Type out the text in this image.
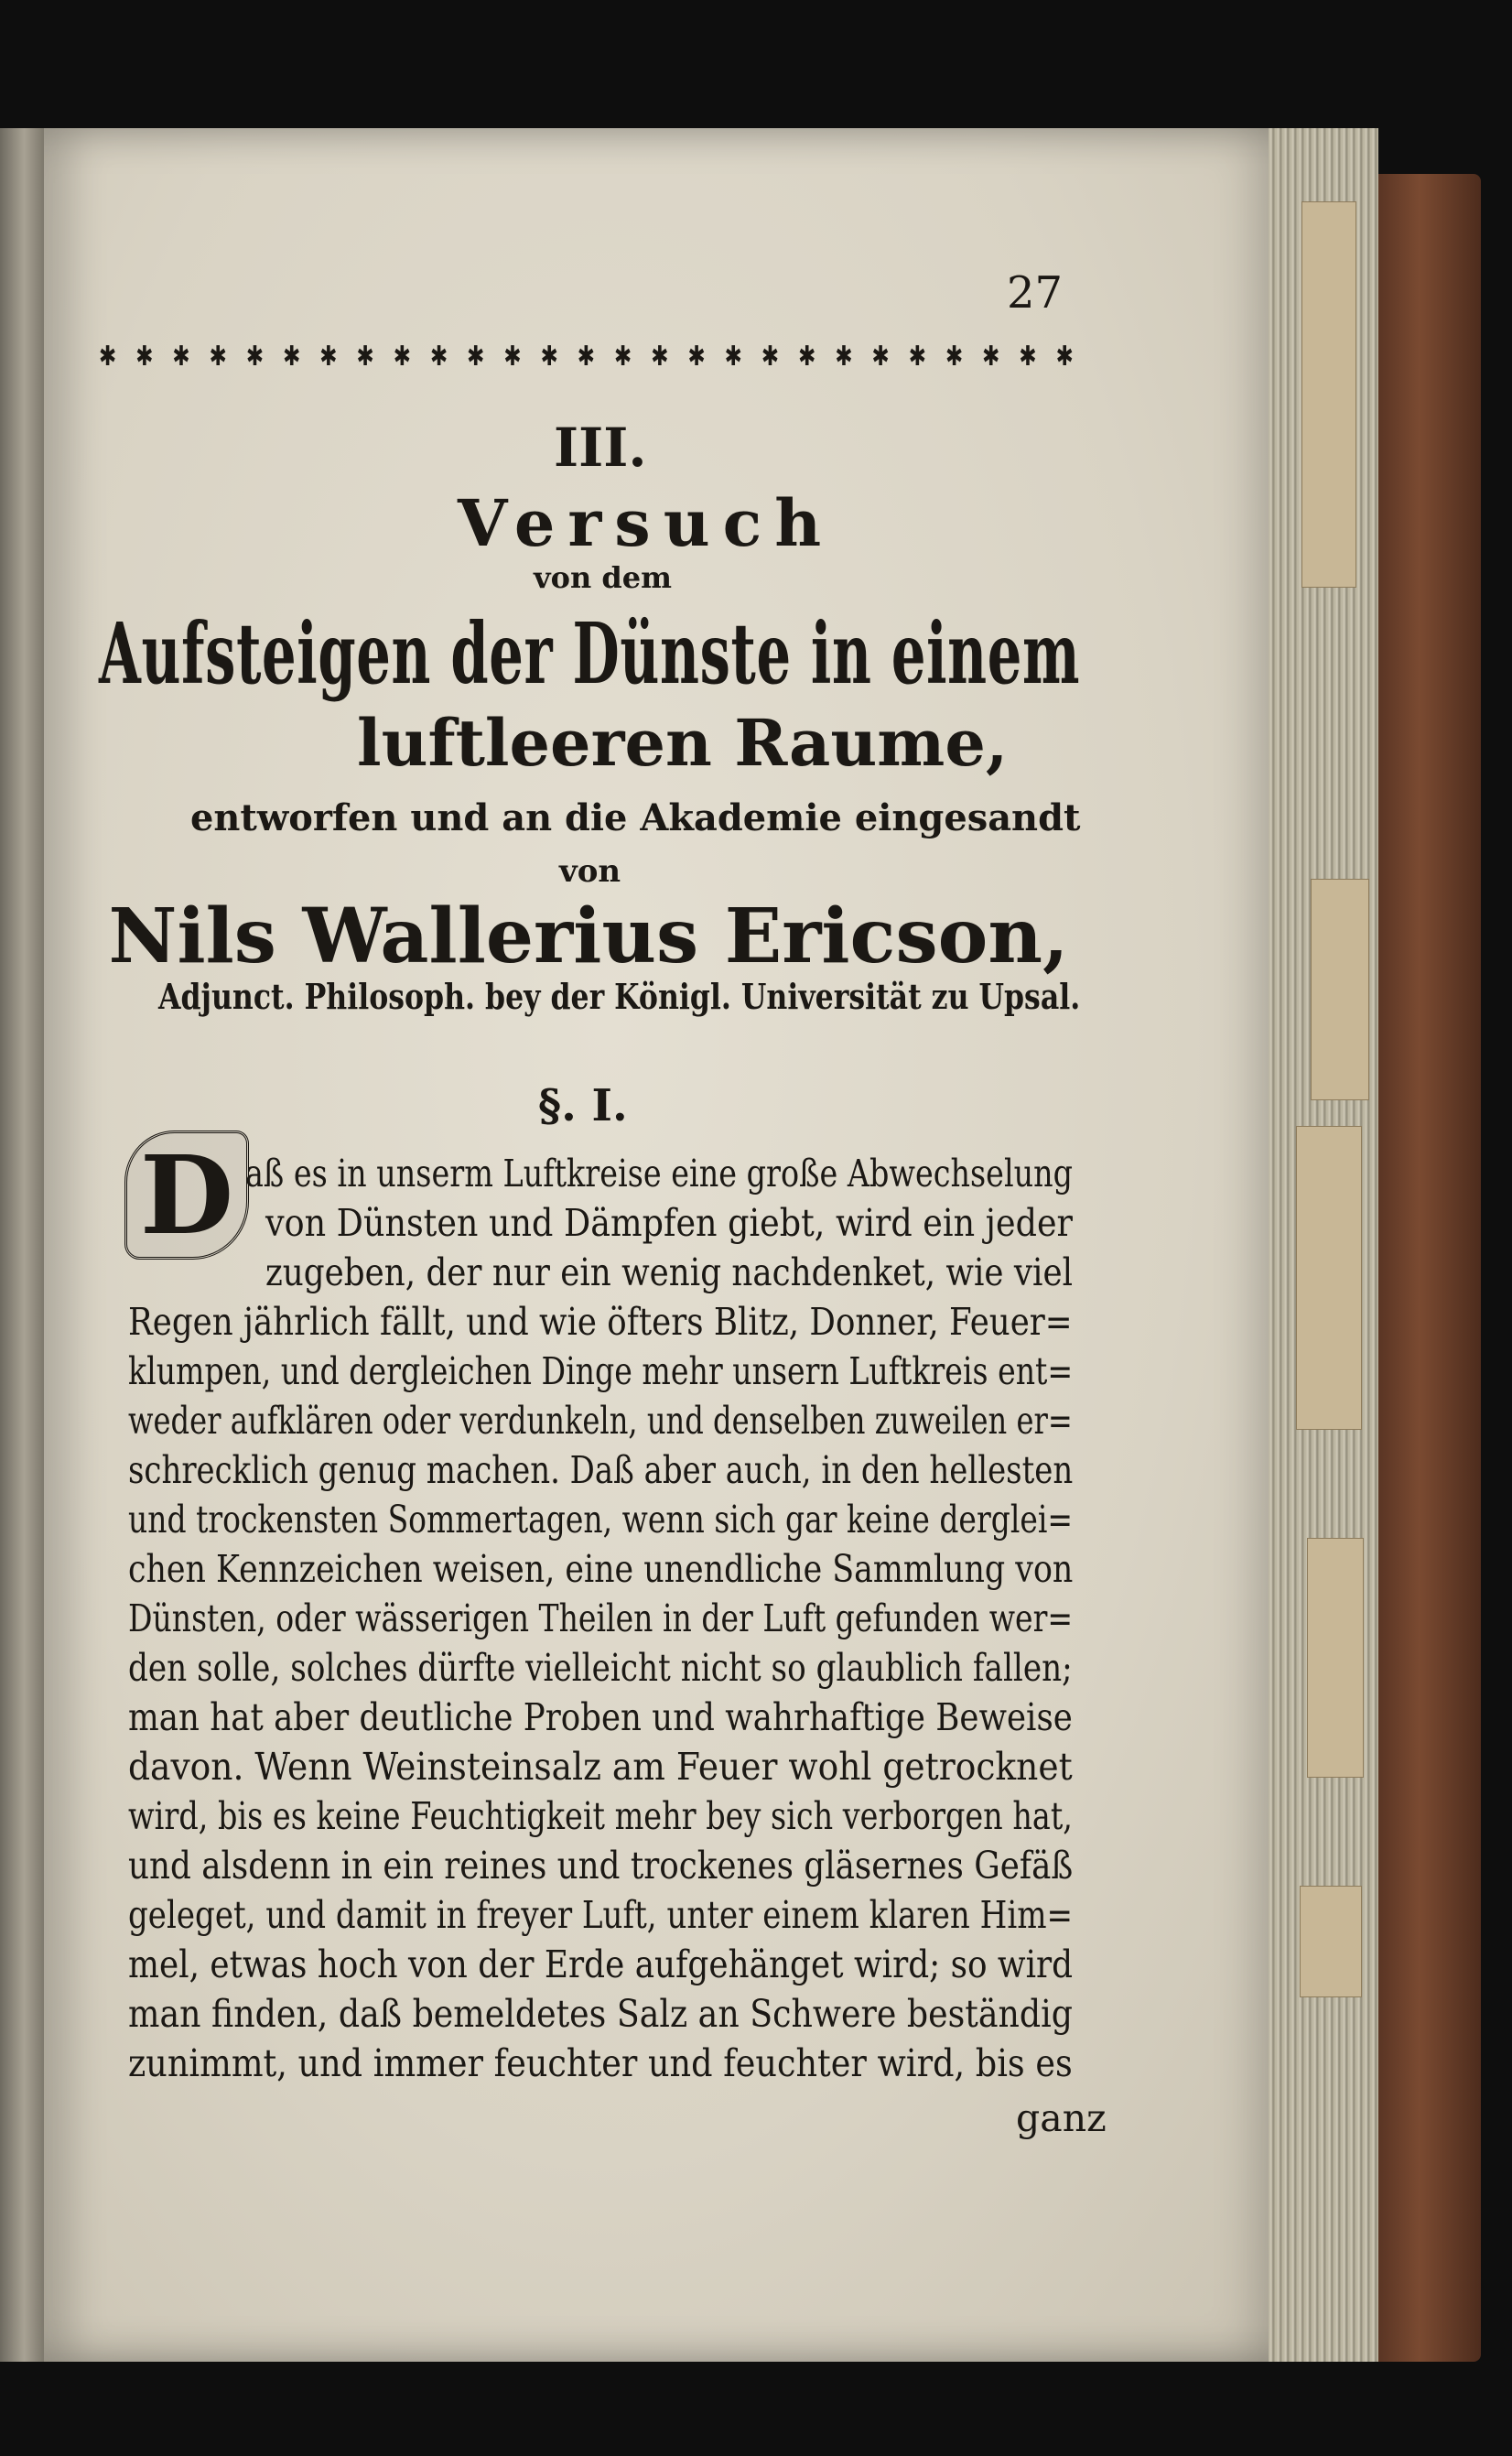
27
✱ ✱ ✱ ✱ ✱ ✱ ✱ ✱ ✱ ✱ ✱ ✱ ✱ ✱ ✱ ✱ ✱ ✱ ✱ ✱ ✱ ✱ ✱ ✱ ✱ ✱ ✱
III.
Versuch
von dem
Aufsteigen der Dünste in einem
luftleeren Raume,
entworfen und an die Akademie eingesandt
von
Nils Wallerius Ericson,
Adjunct. Philosoph. bey der Königl. Universität zu Upsal.
§. I.
D aß es in unserm Luftkreise eine große Abwechselung
von Dünsten und Dämpfen giebt, wird ein jeder
zugeben, der nur ein wenig nachdenket, wie viel
Regen jährlich fällt, und wie öfters Blitz, Donner, Feuer=
klumpen, und dergleichen Dinge mehr unsern Luftkreis ent=
weder aufklären oder verdunkeln, und denselben zuweilen er=
schrecklich genug machen. Daß aber auch, in den hellesten
und trockensten Sommertagen, wenn sich gar keine derglei=
chen Kennzeichen weisen, eine unendliche Sammlung von
Dünsten, oder wässerigen Theilen in der Luft gefunden wer=
den solle, solches dürfte vielleicht nicht so glaublich fallen;
man hat aber deutliche Proben und wahrhaftige Beweise
davon. Wenn Weinsteinsalz am Feuer wohl getrocknet
wird, bis es keine Feuchtigkeit mehr bey sich verborgen hat,
und alsdenn in ein reines und trockenes gläsernes Gefäß
geleget, und damit in freyer Luft, unter einem klaren Him=
mel, etwas hoch von der Erde aufgehänget wird; so wird
man finden, daß bemeldetes Salz an Schwere beständig
zunimmt, und immer feuchter und feuchter wird, bis es
ganz
